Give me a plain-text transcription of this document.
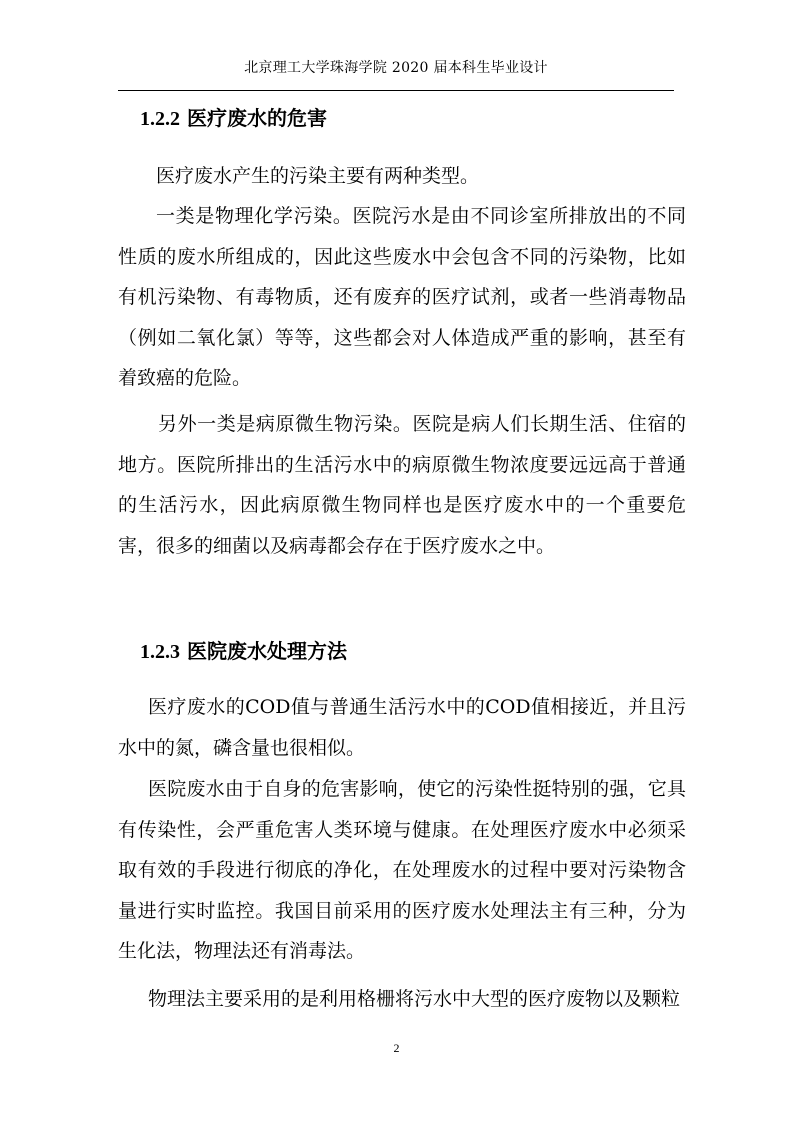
北京理工大学珠海学院 2020 届本科生毕业设计
1.2.2 医疗废水的危害

医疗废水产生的污染主要有两种类型。

一类是物理化学污染。医院污水是由不同诊室所排放出的不同性质的废水所组成的，因此这些废水中会包含不同的污染物，比如有机污染物、有毒物质，还有废弃的医疗试剂，或者一些消毒物品（例如二氧化氯）等等，这些都会对人体造成严重的影响，甚至有着致癌的危险。

另外一类是病原微生物污染。医院是病人们长期生活、住宿的地方。医院所排出的生活污水中的病原微生物浓度要远远高于普通的生活污水，因此病原微生物同样也是医疗废水中的一个重要危害，很多的细菌以及病毒都会存在于医疗废水之中。

1.2.3 医院废水处理方法

医疗废水的COD值与普通生活污水中的COD值相接近，并且污水中的氮，磷含量也很相似。

医院废水由于自身的危害影响，使它的污染性挺特别的强，它具有传染性，会严重危害人类环境与健康。在处理医疗废水中必须采取有效的手段进行彻底的净化，在处理废水的过程中要对污染物含量进行实时监控。我国目前采用的医疗废水处理法主有三种，分为生化法，物理法还有消毒法。

物理法主要采用的是利用格栅将污水中大型的医疗废物以及颗粒

2
